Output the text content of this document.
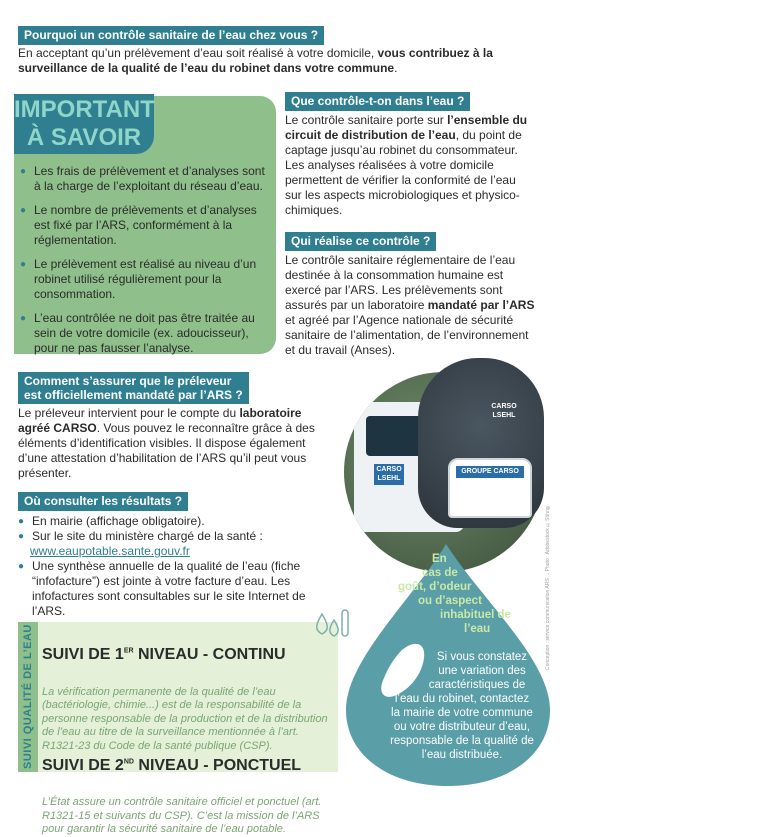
Pourquoi un contrôle sanitaire de l’eau chez vous ?
En acceptant qu’un prélèvement d’eau soit réalisé à votre domicile, vous contribuez à la surveillance de la qualité de l’eau du robinet dans votre commune.
IMPORTANT
À SAVOIR
● Les frais de prélèvement et d’analyses sont à la charge de l’exploitant du réseau d’eau.
● Le nombre de prélèvements et d’analyses est fixé par l’ARS, conformément à la réglementation.
● Le prélèvement est réalisé au niveau d’un robinet utilisé régulièrement pour la consommation.
● L’eau contrôlée ne doit pas être traitée au sein de votre domicile (ex. adoucisseur), pour ne pas fausser l’analyse.
Que contrôle-t-on dans l’eau ?
Le contrôle sanitaire porte sur l’ensemble du circuit de distribution de l’eau, du point de captage jusqu’au robinet du consommateur. Les analyses réalisées à votre domicile permettent de vérifier la conformité de l’eau sur les aspects microbiologiques et physico-chimiques.
Qui réalise ce contrôle ?
Le contrôle sanitaire réglementaire de l’eau destinée à la consommation humaine est exercé par l’ARS. Les prélèvements sont assurés par un laboratoire mandaté par l’ARS et agréé par l’Agence nationale de sécurité sanitaire de l’alimentation, de l’environnement et du travail (Anses).
Conception : service communication ARS ... Photo : Adobestock ©Shhng
Comment s’assurer que le préleveur
est officiellement mandaté par l’ARS ?
Le préleveur intervient pour le compte du laboratoire agréé CARSO. Vous pouvez le reconnaître grâce à des éléments d’identification visibles. Il dispose également d’une attestation d’habilitation de l’ARS qu’il peut vous présenter.	CARSO
LSEHL
CARSO
LSEHL
GROUPE CARSO
Où consulter les résultats ?
● En mairie (affichage obligatoire).
● Sur le site du ministère chargé de la santé :
www.eaupotable.sante.gouv.fr
● Une synthèse annuelle de la qualité de l’eau (fiche “infofacture”) est jointe à votre facture d’eau. Les infofactures sont consultables sur le site Internet de l’ARS.
SUIVI QUALITÉ DE L’EAU SUIVI DE 1ER NIVEAU - CONTINU

La vérification permanente de la qualité de l’eau (bactériologie, chimie...) est de la responsabilité de la personne responsable de la production et de la distribution de l’eau au titre de la surveillance mentionnée à l’art. R1321-23 du Code de la santé publique (CSP).

SUIVI DE 2ND NIVEAU - PONCTUEL

L’État assure un contrôle sanitaire officiel et ponctuel (art. R1321-15 et suivants du CSP). C’est la mission de l’ARS pour garantir la sécurité sanitaire de l’eau potable.

En
cas de
goût, d’odeur
ou d’aspect
inhabituel de
l’eau
Si vous constatez
une variation des
caractéristiques de
l’eau du robinet, contactez
la mairie de votre commune
ou votre distributeur d’eau,
responsable de la qualité de
l’eau distribuée.
